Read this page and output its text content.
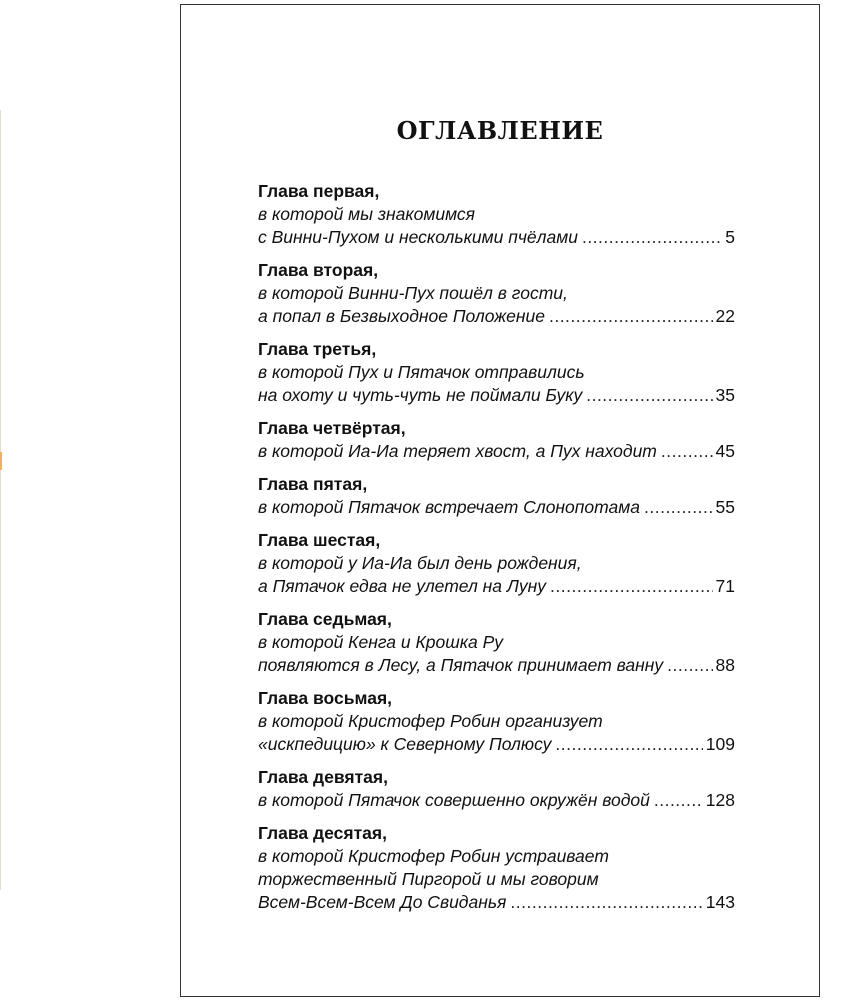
ОГЛАВЛЕНИЕ
Глава первая,
в которой мы знакомимся
с Винни-Пухом и несколькими пчёлами .....	5
Глава вторая,
в которой Винни-Пух пошёл в гости,
а попал в Безвыходное Положение .....	22
Глава третья,
в которой Пух и Пятачок отправились
на охоту и чуть-чуть не поймали Буку .....	35
Глава четвёртая,
в которой Иа-Иа теряет хвост, а Пух находит .....	45
Глава пятая,
в которой Пятачок встречает Слонопотама .....	55
Глава шестая,
в которой у Иа-Иа был день рождения,
а Пятачок едва не улетел на Луну .....	71
Глава седьмая,
в которой Кенга и Крошка Ру
появляются в Лесу, а Пятачок принимает ванну .....	88
Глава восьмая,
в которой Кристофер Робин организует
«искпедицию» к Северному Полюсу .....	109
Глава девятая,
в которой Пятачок совершенно окружён водой .....	128
Глава десятая,
в которой Кристофер Робин устраивает
торжественный Пиргорой и мы говорим
Всем-Всем-Всем До Свиданья .....	143
